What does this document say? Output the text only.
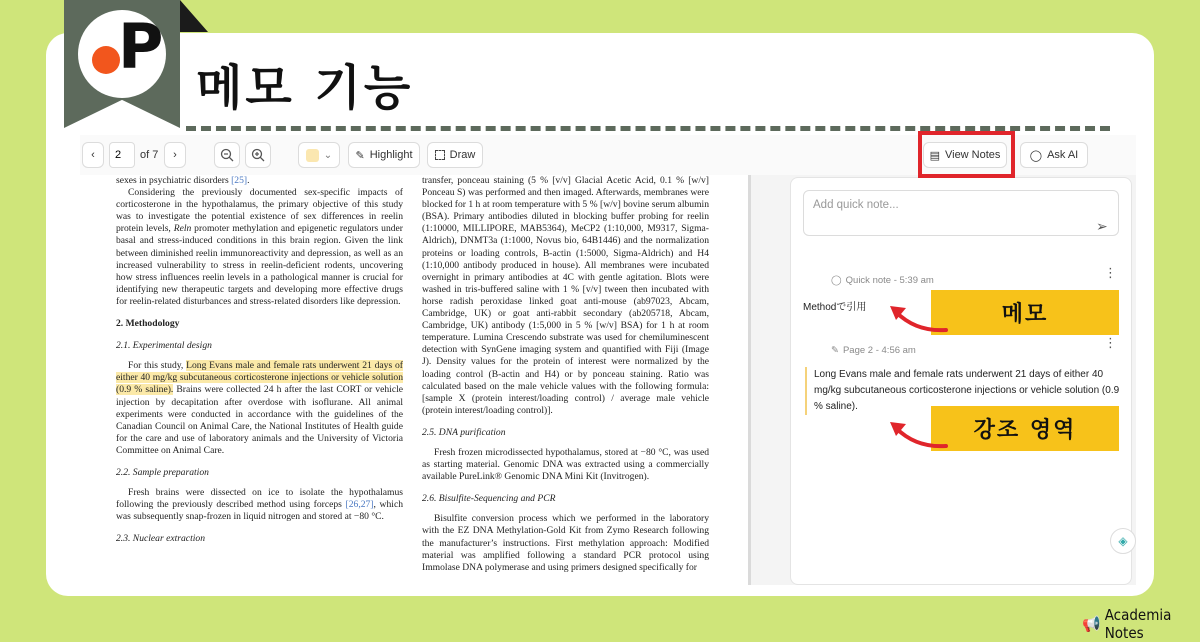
P
메모 기능
‹	2	of 7 ›	⌄ ✎ Highlight	Draw	▤ View Notes	◯ Ask AI

sexes in psychiatric disorders [25].

Considering the previously documented sex-specific impacts of corticosterone in the hypothalamus, the primary objective of this study was to investigate the potential existence of sex differences in reelin protein levels, Reln promoter methylation and epigenetic regulators under basal and stress-induced conditions in this brain region. Given the link between diminished reelin immunoreactivity and depression, as well as an increased vulnerability to stress in reelin-deficient rodents, uncovering how stress influences reelin levels in a pathological manner is crucial for identifying new therapeutic targets and developing more effective drugs for reelin-related disturbances and stress-related disorders like depression.

2. Methodology

2.1. Experimental design

For this study, Long Evans male and female rats underwent 21 days of either 40 mg/kg subcutaneous corticosterone injections or vehicle solution (0.9 % saline). Brains were collected 24 h after the last CORT or vehicle injection by decapitation after overdose with isoflurane. All animal experiments were conducted in accordance with the guidelines of the Canadian Council on Animal Care, the National Institutes of Health guide for the care and use of laboratory animals and the University of Victoria Committee on Animal Care.

2.2. Sample preparation

Fresh brains were dissected on ice to isolate the hypothalamus following the previously described method using forceps [26,27], which was subsequently snap-frozen in liquid nitrogen and stored at −80 °C.

2.3. Nuclear extraction

transfer, ponceau staining (5 % [v/v] Glacial Acetic Acid, 0.1 % [w/v] Ponceau S) was performed and then imaged. Afterwards, membranes were blocked for 1 h at room temperature with 5 % [w/v] bovine serum albumin (BSA). Primary antibodies diluted in blocking buffer probing for reelin (1:10000, MILLIPORE, MAB5364), MeCP2 (1:10,000, M9317, Sigma-Aldrich), DNMT3a (1:1000, Novus bio, 64B1446) and the normalization proteins or loading controls, B-actin (1:5000, Sigma-Aldrich) and H4 (1:10,000 antibody produced in house). All membranes were incubated overnight in primary antibodies at 4C with gentle agitation. Blots were washed in tris-buffered saline with 1 % [v/v] tween then incubated with horse radish peroxidase linked goat anti-mouse (ab97023, Abcam, Cambridge, UK) or goat anti-rabbit secondary (ab205718, Abcam, Cambridge, UK) antibody (1:5,000 in 5 % [w/v] BSA) for 1 h at room temperature. Lumina Crescendo substrate was used for chemiluminescent detection with SynGene imaging system and quantified with Fiji (Image J). Density values for the protein of interest were normalized by the loading control (B-actin and H4) or by ponceau staining. Ratio was calculated based on the male vehicle values with the following formula: [sample X (protein interest/loading control) / average male vehicle (protein interest/loading control)].

2.5. DNA purification

Fresh frozen microdissected hypothalamus, stored at −80 °C, was used as starting material. Genomic DNA was extracted using a commercially available PureLink® Genomic DNA Mini Kit (Invitrogen).

2.6. Bisulfite-Sequencing and PCR

Bisulfite conversion process which we performed in the laboratory with the EZ DNA Methylation-Gold Kit from Zymo Research following the manufacturer’s instructions. First methylation approach: Modified material was amplified following a standard PCR protocol using Immolase DNA polymerase and using primers designed specifically for

Add quick note...
➢
◯ Quick note - 5:39 am
⋮
Methodで引用
✎ Page 2 - 4:56 am
⋮
Long Evans male and female rats underwent 21 days of either 40 mg/kg subcutaneous corticosterone injections or vehicle solution (0.9 % saline).
◈
메모
강조 영역
📢 Academia Notes
